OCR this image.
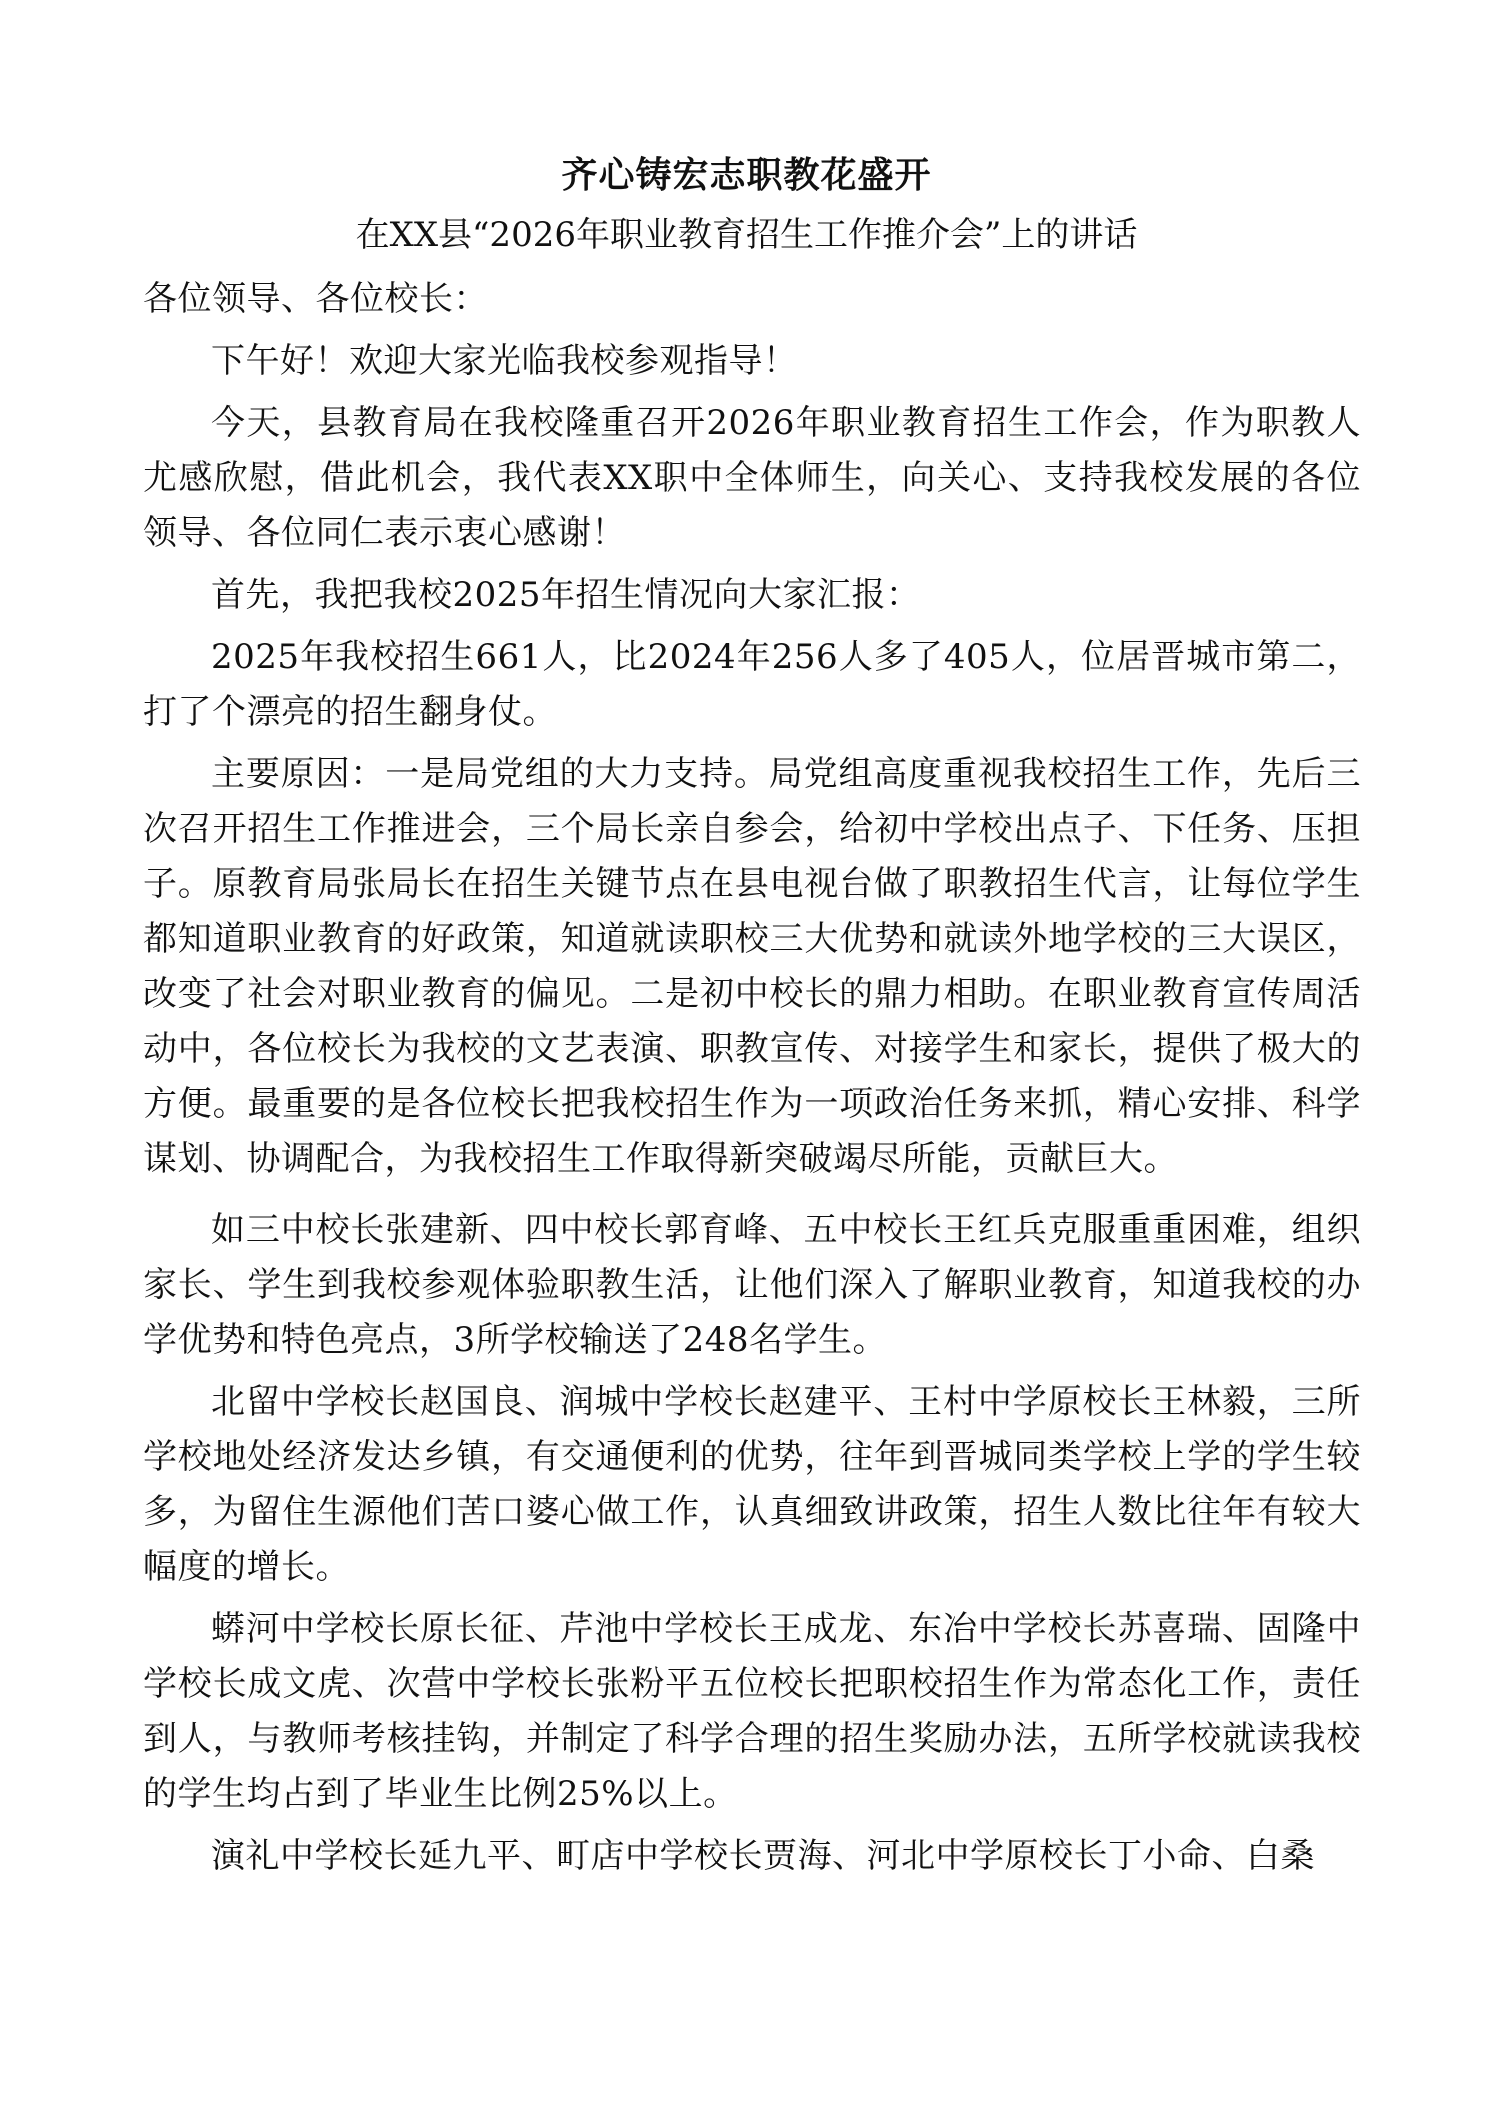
齐心铸宏志职教花盛开
在XX县“2026年职业教育招生工作推介会”上的讲话

各位领导、各位校长：

下午好！欢迎大家光临我校参观指导！

今天，县教育局在我校隆重召开2026年职业教育招生工作会，作为职教人尤感欣慰，借此机会，我代表XX职中全体师生，向关心、支持我校发展的各位领导、各位同仁表示衷心感谢！

首先，我把我校2025年招生情况向大家汇报：

2025年我校招生661人，比2024年256人多了405人，位居晋城市第二，打了个漂亮的招生翻身仗。

主要原因：一是局党组的大力支持。局党组高度重视我校招生工作，先后三次召开招生工作推进会，三个局长亲自参会，给初中学校出点子、下任务、压担子。原教育局张局长在招生关键节点在县电视台做了职教招生代言，让每位学生都知道职业教育的好政策，知道就读职校三大优势和就读外地学校的三大误区，改变了社会对职业教育的偏见。二是初中校长的鼎力相助。在职业教育宣传周活动中，各位校长为我校的文艺表演、职教宣传、对接学生和家长，提供了极大的方便。最重要的是各位校长把我校招生作为一项政治任务来抓，精心安排、科学谋划、协调配合，为我校招生工作取得新突破竭尽所能，贡献巨大。

如三中校长张建新、四中校长郭育峰、五中校长王红兵克服重重困难，组织家长、学生到我校参观体验职教生活，让他们深入了解职业教育，知道我校的办学优势和特色亮点，3所学校输送了248名学生。

北留中学校长赵国良、润城中学校长赵建平、王村中学原校长王林毅，三所学校地处经济发达乡镇，有交通便利的优势，往年到晋城同类学校上学的学生较多，为留住生源他们苦口婆心做工作，认真细致讲政策，招生人数比往年有较大幅度的增长。

蟒河中学校长原长征、芹池中学校长王成龙、东冶中学校长苏喜瑞、固隆中学校长成文虎、次营中学校长张粉平五位校长把职校招生作为常态化工作，责任到人，与教师考核挂钩，并制定了科学合理的招生奖励办法，五所学校就读我校的学生均占到了毕业生比例25%以上。

演礼中学校长延九平、町店中学校长贾海、河北中学原校长丁小命、白桑
